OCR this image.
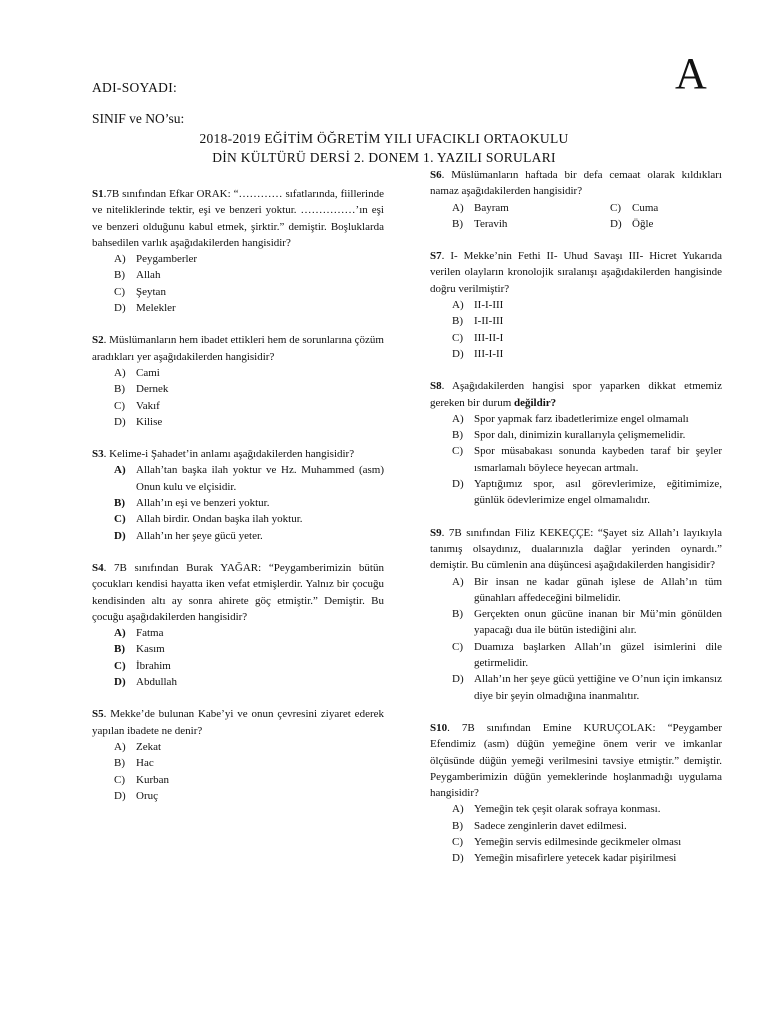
ADI-SOYADI:	A
SINIF ve NO’su:
2018-2019 EĞİTİM ÖĞRETİM YILI UFACIKLI ORTAOKULU
DİN KÜLTÜRÜ DERSİ 2. DONEM 1. YAZILI SORULARI

S1.7B sınıfından Efkar ORAK: “………… sıfatlarında, fiillerinde ve niteliklerinde tektir, eşi ve benzeri yoktur. ……………’ın eşi ve benzeri olduğunu kabul etmek, şirktir.” demiştir. Boşluklarda bahsedilen varlık aşağıdakilerden hangisidir?

A) Peygamberler
B)	Allah
C)	Şeytan
D) Melekler

S2. Müslümanların hem ibadet ettikleri hem de sorunlarına çözüm aradıkları yer aşağıdakilerden hangisidir?

A) Cami
B)	Dernek
C)	Vakıf
D) Kilise

S3. Kelime-i Şahadet’in anlamı aşağıdakilerden hangisidir?

A) Allah’tan başka ilah yoktur ve Hz. Muhammed (asm) Onun kulu ve elçisidir.
B)	Allah’ın eşi ve benzeri yoktur.
C) Allah birdir. Ondan başka ilah yoktur.
D) Allah’ın her şeye gücü yeter.

S4. 7B sınıfından Burak YAĞAR: “Peygamberimizin bütün çocukları kendisi hayatta iken vefat etmişlerdir. Yalnız bir çocuğu kendisinden altı ay sonra ahirete göç etmiştir.” Demiştir. Bu çocuğu aşağıdakilerden hangisidir?

A) Fatma
B)	Kasım
C) İbrahim
D) Abdullah

S5. Mekke’de bulunan Kabe’yi ve onun çevresini ziyaret ederek yapılan ibadete ne denir?

A) Zekat
B)	Hac
C)	Kurban
D) Oruç

S6. Müslümanların haftada bir defa cemaat olarak kıldıkları namaz aşağıdakilerden hangisidir?

A) Bayram	C)	Cuma
B)	Teravih	D) Öğle

S7. I- Mekke’nin Fethi II- Uhud Savaşı III- Hicret Yukarıda verilen olayların kronolojik sıralanışı aşağıdakilerden hangisinde doğru verilmiştir?

A) II-I-III
B)	I-II-III
C)	III-II-I
D) III-I-II

S8. Aşağıdakilerden hangisi spor yaparken dikkat etmemiz gereken bir durum değildir?

A) Spor yapmak farz ibadetlerimize engel olmamalı
B)	Spor dalı, dinimizin kurallarıyla çelişmemelidir.
C)	Spor müsabakası sonunda kaybeden taraf bir şeyler ısmarlamalı böylece heyecan artmalı.
D) Yaptığımız spor, asıl görevlerimize, eğitimimize, günlük ödevlerimize engel olmamalıdır.

S9. 7B sınıfından Filiz KEKEÇÇE: “Şayet siz Allah’ı layıkıyla tanımış olsaydınız, dualarınızla dağlar yerinden oynardı.” demiştir. Bu cümlenin ana düşüncesi aşağıdakilerden hangisidir?

A) Bir insan ne kadar günah işlese de Allah’ın tüm günahları affedeceğini bilmelidir.
B)	Gerçekten onun gücüne inanan bir Mü’min gönülden yapacağı dua ile bütün istediğini alır.
C)	Duamıza başlarken Allah’ın güzel isimlerini dile getirmelidir.
D) Allah’ın her şeye gücü yettiğine ve O’nun için imkansız diye bir şeyin olmadığına inanmalıtır.

S10. 7B sınıfından Emine KURUÇOLAK: “Peygamber Efendimiz (asm) düğün yemeğine önem verir ve imkanlar ölçüsünde düğün yemeği verilmesini tavsiye etmiştir.” demiştir. Peygamberimizin düğün yemeklerinde hoşlanmadığı uygulama hangisidir?

A) Yemeğin tek çeşit olarak sofraya konması.
B)	Sadece zenginlerin davet edilmesi.
C)	Yemeğin servis edilmesinde gecikmeler olması
D) Yemeğin misafirlere yetecek kadar pişirilmesi
